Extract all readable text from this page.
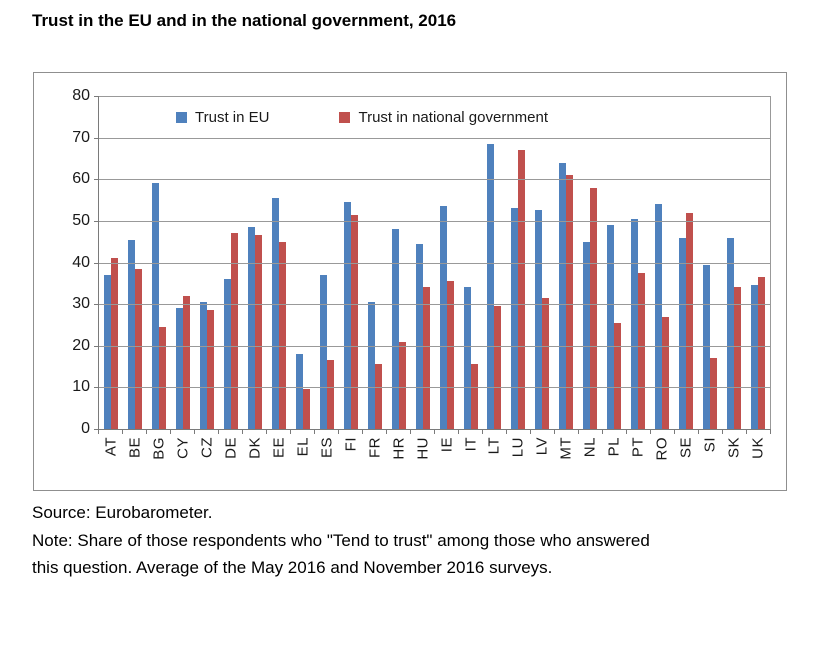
Trust in the EU and in the national government, 2016
Trust in EU	Trust in national government
AT BE BG CY CZ DE DK EE EL ES FI FR HR HU IE IT LT LU LV MT NL PL PT RO SE SI SK UK
80
70
60
50
40
30
20
10
0
Source: Eurobarometer.
Note: Share of those respondents who "Tend to trust" among those who answered
this question. Average of the May 2016 and November 2016 surveys.
